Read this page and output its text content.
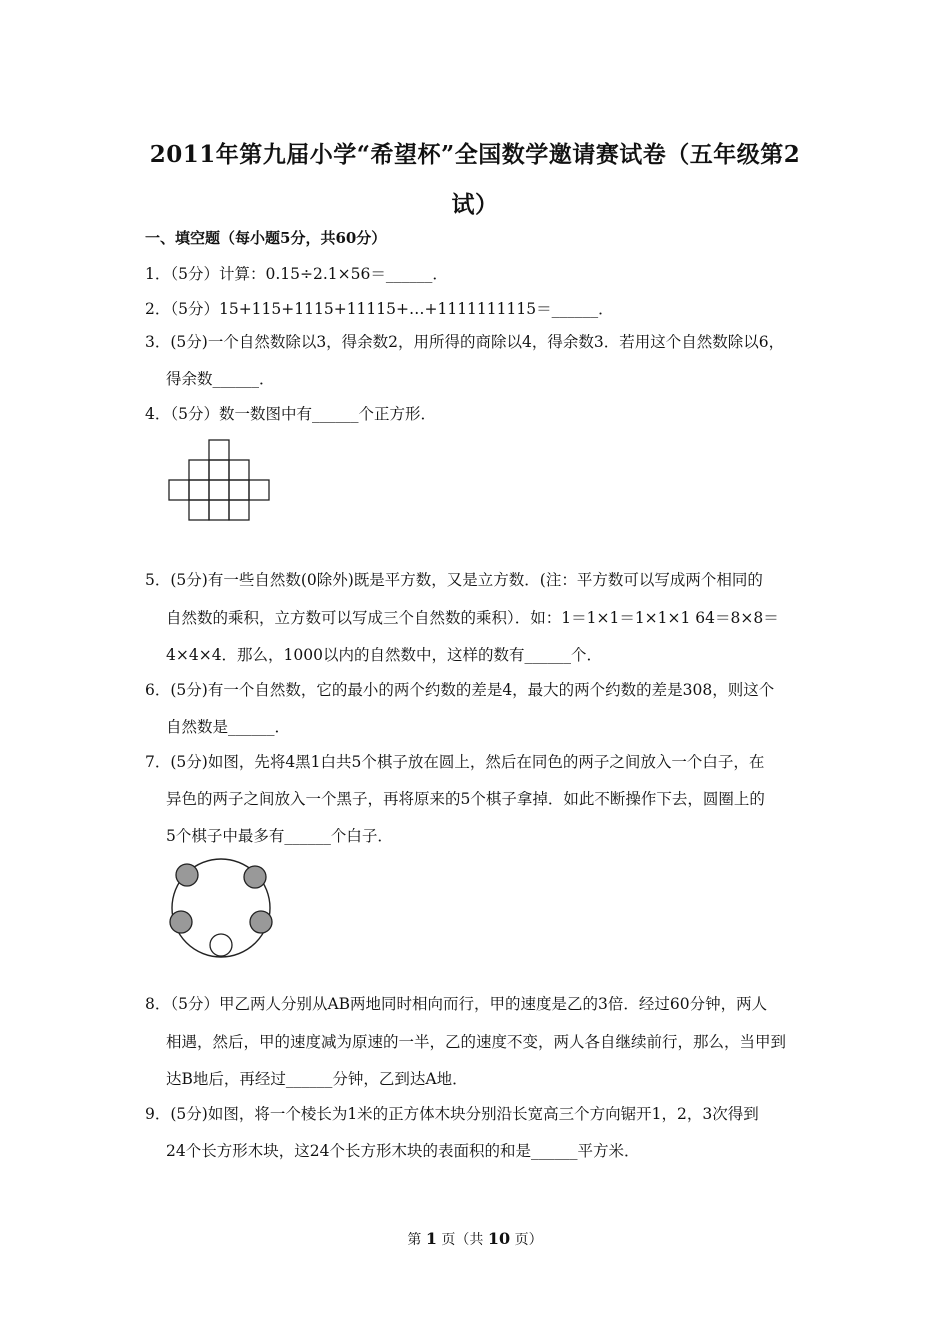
2011年第九届小学“希望杯”全国数学邀请赛试卷（五年级第2
试）
一、填空题（每小题5分，共60分）
1．（5分）计算：0.15÷2.1×56＝______．
2．（5分）15+115+1115+11115+…+1111111115＝______．
3．(5分)一个自然数除以3，得余数2，用所得的商除以4，得余数3．若用这个自然数除以6，
得余数______．
4．（5分）数一数图中有______个正方形．
5．(5分)有一些自然数(0除外)既是平方数，又是立方数．(注：平方数可以写成两个相同的
自然数的乘积，立方数可以写成三个自然数的乘积）．如：1＝1×1＝1×1×1 64＝8×8＝
4×4×4．那么，1000以内的自然数中，这样的数有______个．
6．(5分)有一个自然数，它的最小的两个约数的差是4，最大的两个约数的差是308，则这个
自然数是______．
7．(5分)如图，先将4黑1白共5个棋子放在圆上，然后在同色的两子之间放入一个白子，在
异色的两子之间放入一个黑子，再将原来的5个棋子拿掉．如此不断操作下去，圆圈上的
5个棋子中最多有______个白子．
8．（5分）甲乙两人分别从AB两地同时相向而行，甲的速度是乙的3倍．经过60分钟，两人
相遇，然后，甲的速度减为原速的一半，乙的速度不变，两人各自继续前行，那么，当甲到
达B地后，再经过______分钟，乙到达A地．
9．(5分)如图，将一个棱长为1米的正方体木块分别沿长宽高三个方向锯开1，2，3次得到
24个长方形木块，这24个长方形木块的表面积的和是______平方米．
第 1 页（共 10 页）
